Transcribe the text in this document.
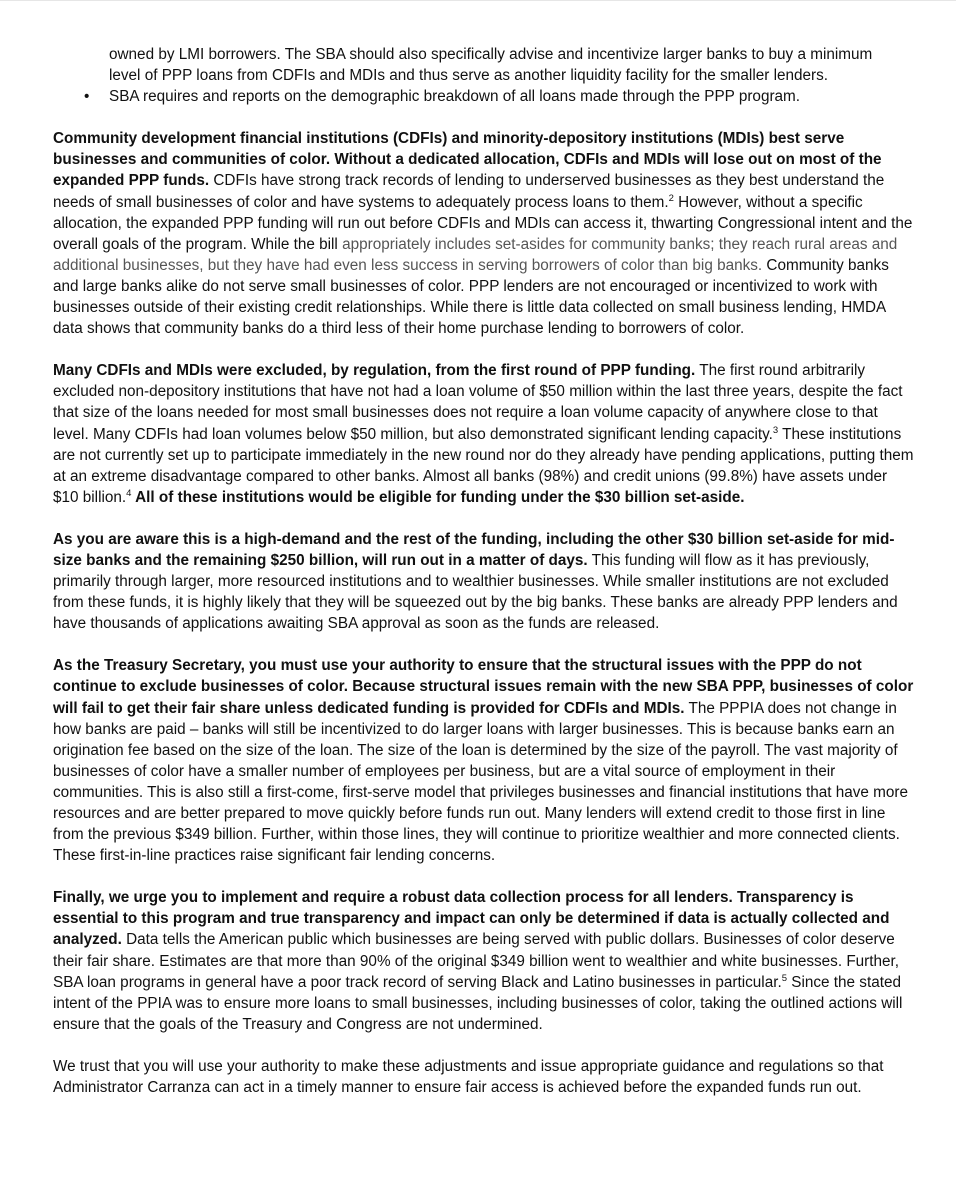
owned by LMI borrowers. The SBA should also specifically advise and incentivize larger banks to buy a minimum
level of PPP loans from CDFIs and MDIs and thus serve as another liquidity facility for the smaller lenders.
• SBA requires and reports on the demographic breakdown of all loans made through the PPP program.

Community development financial institutions (CDFIs) and minority-depository institutions (MDIs) best serve businesses and communities of color. Without a dedicated allocation, CDFIs and MDIs will lose out on most of the expanded PPP funds. CDFIs have strong track records of lending to underserved businesses as they best understand the needs of small businesses of color and have systems to adequately process loans to them.$^2$ However, without a specific allocation, the expanded PPP funding will run out before CDFIs and MDIs can access it, thwarting Congressional intent and the overall goals of the program. While the bill appropriately includes set-asides for community banks; they reach rural areas and additional businesses, but they have had even less success in serving borrowers of color than big banks. Community banks and large banks alike do not serve small businesses of color. PPP lenders are not encouraged or incentivized to work with businesses outside of their existing credit relationships. While there is little data collected on small business lending, HMDA data shows that community banks do a third less of their home purchase lending to borrowers of color.

Many CDFIs and MDIs were excluded, by regulation, from the first round of PPP funding. The first round arbitrarily excluded non-depository institutions that have not had a loan volume of $50 million within the last three years, despite the fact that size of the loans needed for most small businesses does not require a loan volume capacity of anywhere close to that level. Many CDFIs had loan volumes below $50 million, but also demonstrated significant lending capacity.$^3$ These institutions are not currently set up to participate immediately in the new round nor do they already have pending applications, putting them at an extreme disadvantage compared to other banks. Almost all banks (98%) and credit unions (99.8%) have assets under $10 billion.$^4$ All of these institutions would be eligible for funding under the $30 billion set-aside.

As you are aware this is a high-demand and the rest of the funding, including the other $30 billion set-aside for mid-size banks and the remaining $250 billion, will run out in a matter of days. This funding will flow as it has previously, primarily through larger, more resourced institutions and to wealthier businesses. While smaller institutions are not excluded from these funds, it is highly likely that they will be squeezed out by the big banks. These banks are already PPP lenders and have thousands of applications awaiting SBA approval as soon as the funds are released.

As the Treasury Secretary, you must use your authority to ensure that the structural issues with the PPP do not continue to exclude businesses of color. Because structural issues remain with the new SBA PPP, businesses of color will fail to get their fair share unless dedicated funding is provided for CDFIs and MDIs. The PPPIA does not change in how banks are paid – banks will still be incentivized to do larger loans with larger businesses. This is because banks earn an origination fee based on the size of the loan. The size of the loan is determined by the size of the payroll. The vast majority of businesses of color have a smaller number of employees per business, but are a vital source of employment in their communities. This is also still a first-come, first-serve model that privileges businesses and financial institutions that have more resources and are better prepared to move quickly before funds run out. Many lenders will extend credit to those first in line from the previous $349 billion. Further, within those lines, they will continue to prioritize wealthier and more connected clients. These first-in-line practices raise significant fair lending concerns.

Finally, we urge you to implement and require a robust data collection process for all lenders. Transparency is essential to this program and true transparency and impact can only be determined if data is actually collected and analyzed. Data tells the American public which businesses are being served with public dollars. Businesses of color deserve their fair share. Estimates are that more than 90% of the original $349 billion went to wealthier and white businesses. Further, SBA loan programs in general have a poor track record of serving Black and Latino businesses in particular.$^5$ Since the stated intent of the PPIA was to ensure more loans to small businesses, including businesses of color, taking the outlined actions will ensure that the goals of the Treasury and Congress are not undermined.

We trust that you will use your authority to make these adjustments and issue appropriate guidance and regulations so that Administrator Carranza can act in a timely manner to ensure fair access is achieved before the expanded funds run out.
